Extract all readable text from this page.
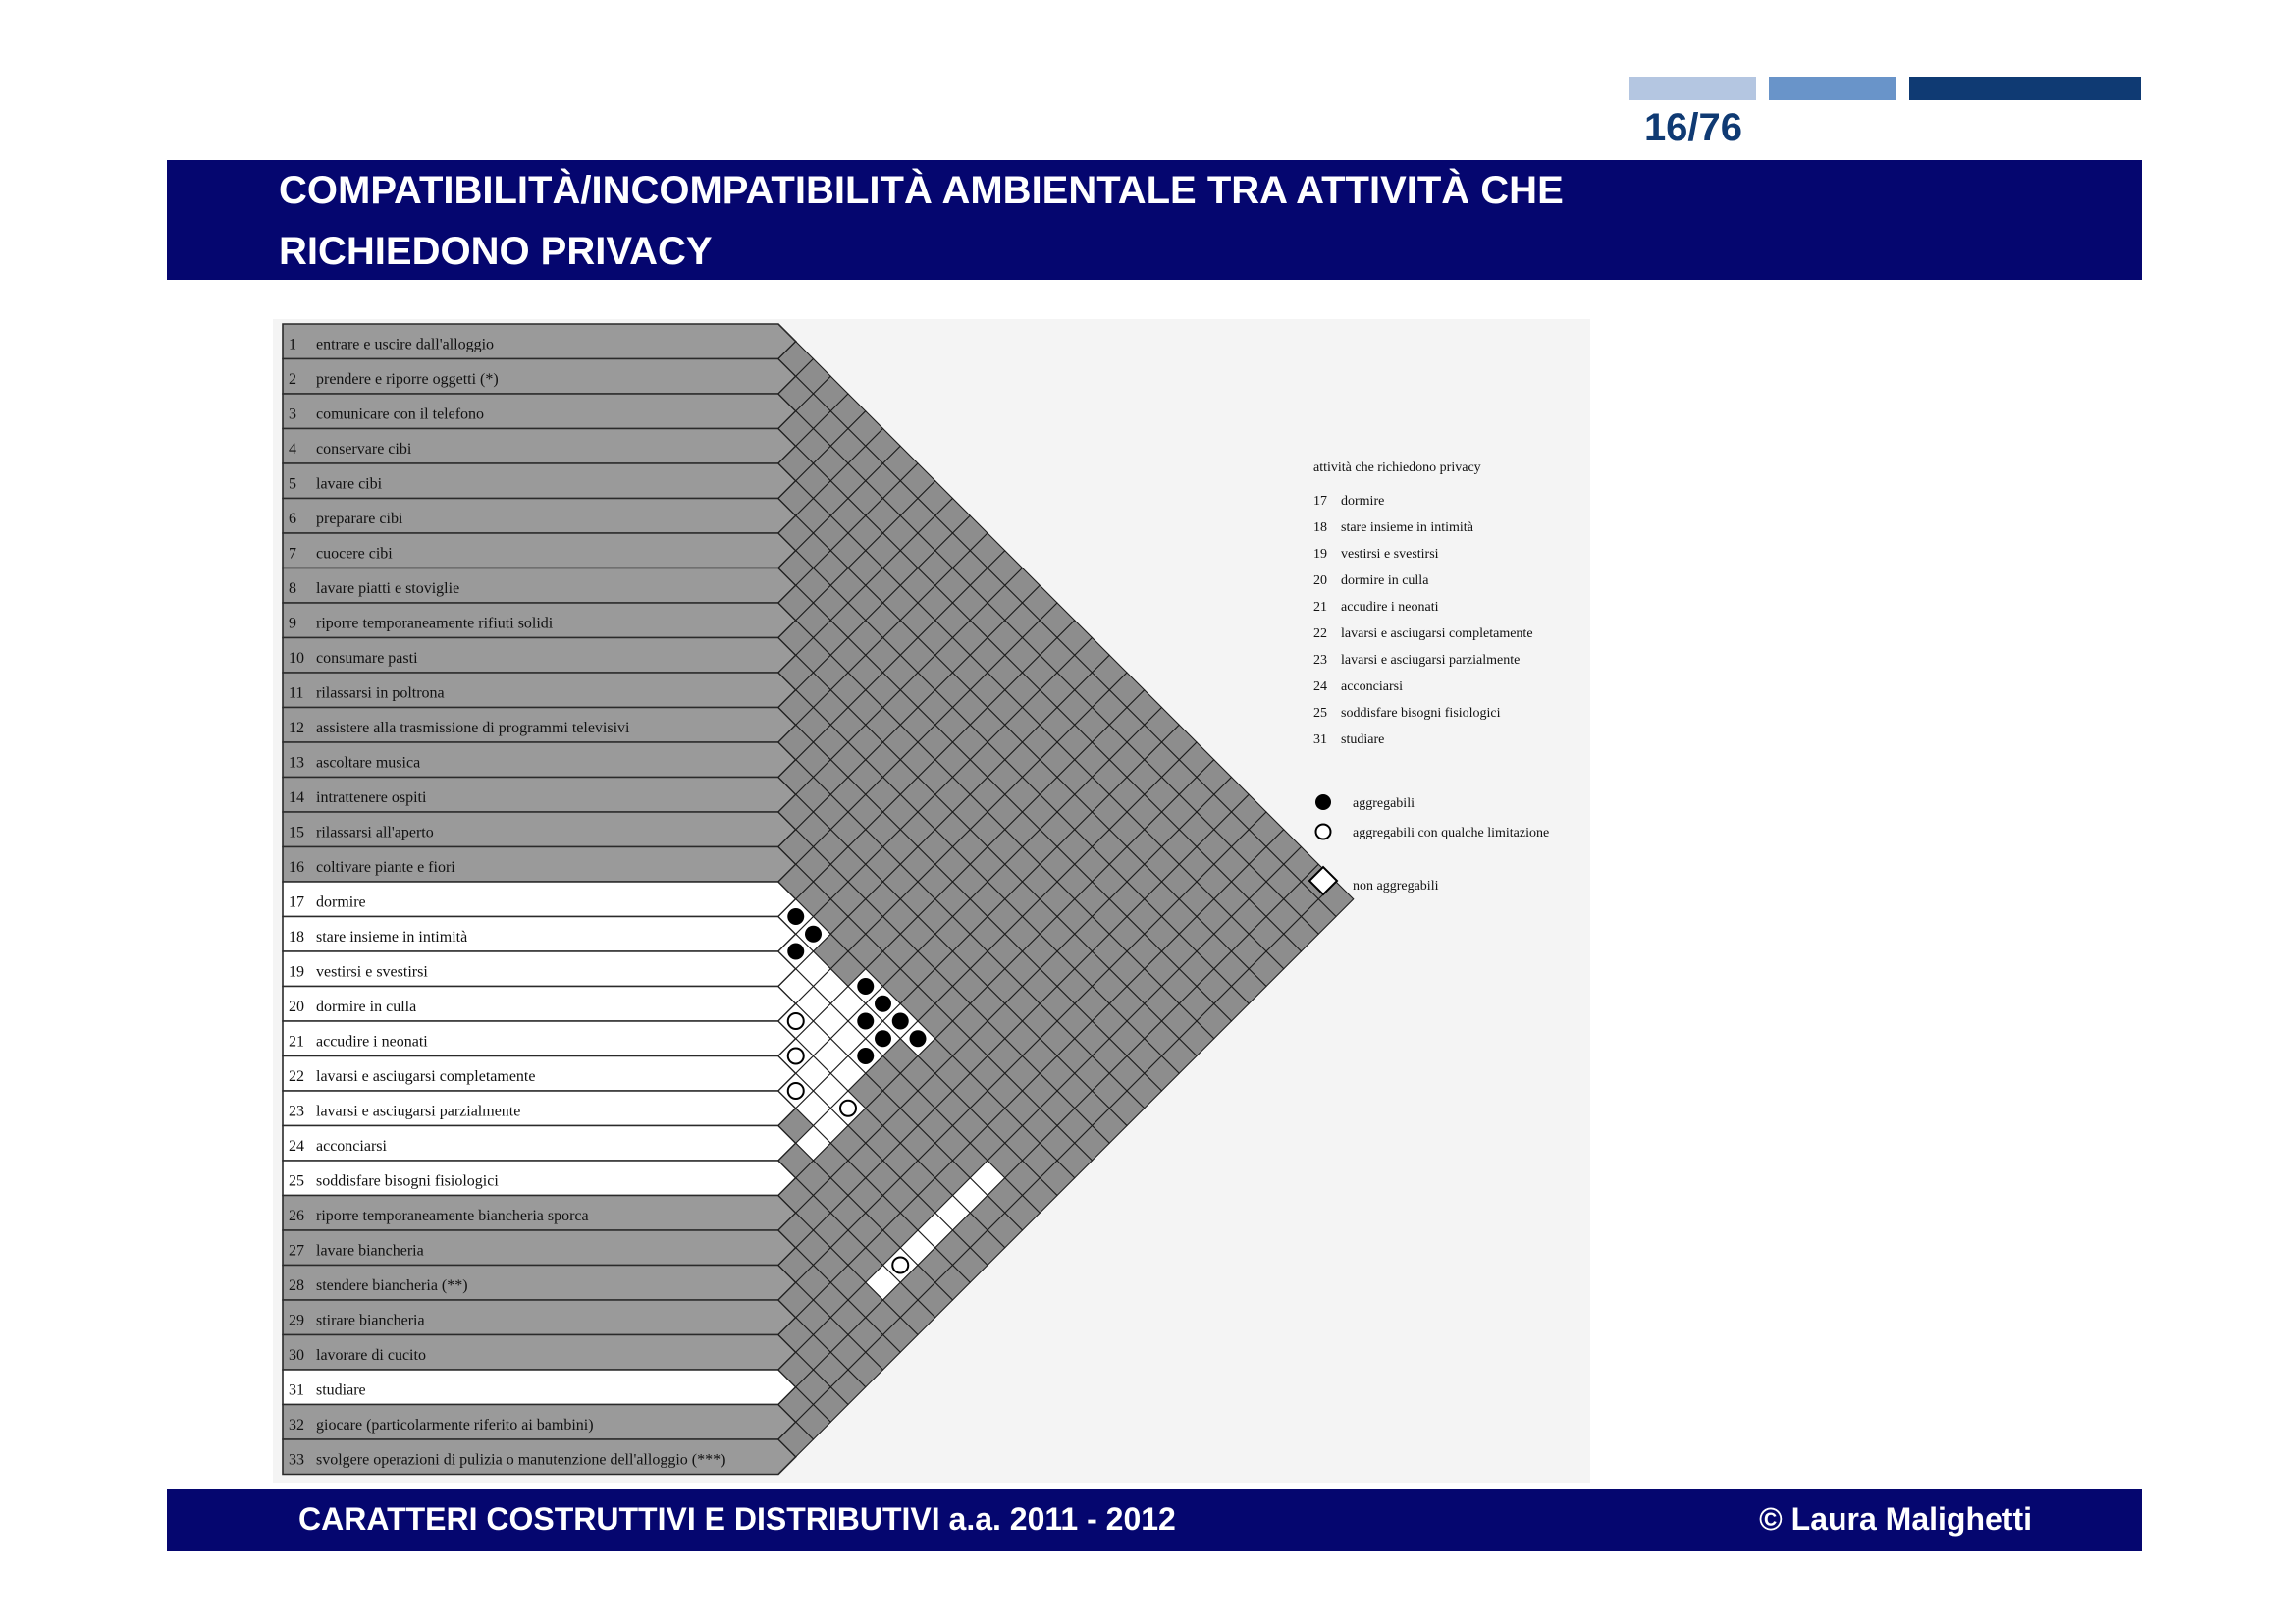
16/76
COMPATIBILITÀ/INCOMPATIBILITÀ AMBIENTALE TRA ATTIVITÀ CHE
RICHIEDONO PRIVACY
1 entrare e uscire dall'alloggio
2 prendere e riporre oggetti (*)
3 comunicare con il telefono
4 conservare cibi
5 lavare cibi
6 preparare cibi
7 cuocere cibi
8 lavare piatti e stoviglie
9 riporre temporaneamente rifiuti solidi
10 consumare pasti
11 rilassarsi in poltrona
12 assistere alla trasmissione di programmi televisivi
13 ascoltare musica
14 intrattenere ospiti
15 rilassarsi all'aperto
16 coltivare piante e fiori
17 dormire
18 stare insieme in intimità
19 vestirsi e svestirsi
20 dormire in culla
21 accudire i neonati
22 lavarsi e asciugarsi completamente
23 lavarsi e asciugarsi parzialmente
24 acconciarsi
25 soddisfare bisogni fisiologici
26 riporre temporaneamente biancheria sporca
27 lavare biancheria
28 stendere biancheria (**)
29 stirare biancheria
30 lavorare di cucito
31 studiare
32 giocare (particolarmente riferito ai bambini)
33 svolgere operazioni di pulizia o manutenzione dell'alloggio (***)
attività che richiedono privacy
17 dormire
18 stare insieme in intimità
19 vestirsi e svestirsi
20 dormire in culla
21 accudire i neonati
22 lavarsi e asciugarsi completamente
23 lavarsi e asciugarsi parzialmente
24 acconciarsi
25 soddisfare bisogni fisiologici
31 studiare
aggregabili
aggregabili con qualche limitazione
non aggregabili
CARATTERI COSTRUTTIVI E DISTRIBUTIVI a.a. 2011 - 2012	© Laura Malighetti
